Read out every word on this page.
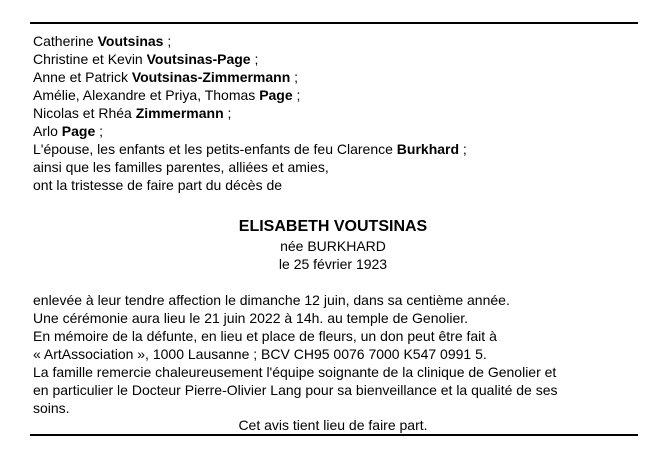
Catherine Voutsinas ;
Christine et Kevin Voutsinas-Page ;
Anne et Patrick Voutsinas-Zimmermann ;
Amélie, Alexandre et Priya, Thomas Page ;
Nicolas et Rhéa Zimmermann ;
Arlo Page ;
L'épouse, les enfants et les petits-enfants de feu Clarence Burkhard ;
ainsi que les familles parentes, alliées et amies,
ont la tristesse de faire part du décès de
ELISABETH VOUTSINAS
née BURKHARD
le 25 février 1923
enlevée à leur tendre affection le dimanche 12 juin, dans sa centième année.
Une cérémonie aura lieu le 21 juin 2022 à 14h. au temple de Genolier.
En mémoire de la défunte, en lieu et place de fleurs, un don peut être fait à
« ArtAssociation », 1000 Lausanne ; BCV CH95 0076 7000 K547 0991 5.
La famille remercie chaleureusement l'équipe soignante de la clinique de Genolier et
en particulier le Docteur Pierre-Olivier Lang pour sa bienveillance et la qualité de ses
soins.
Cet avis tient lieu de faire part.
